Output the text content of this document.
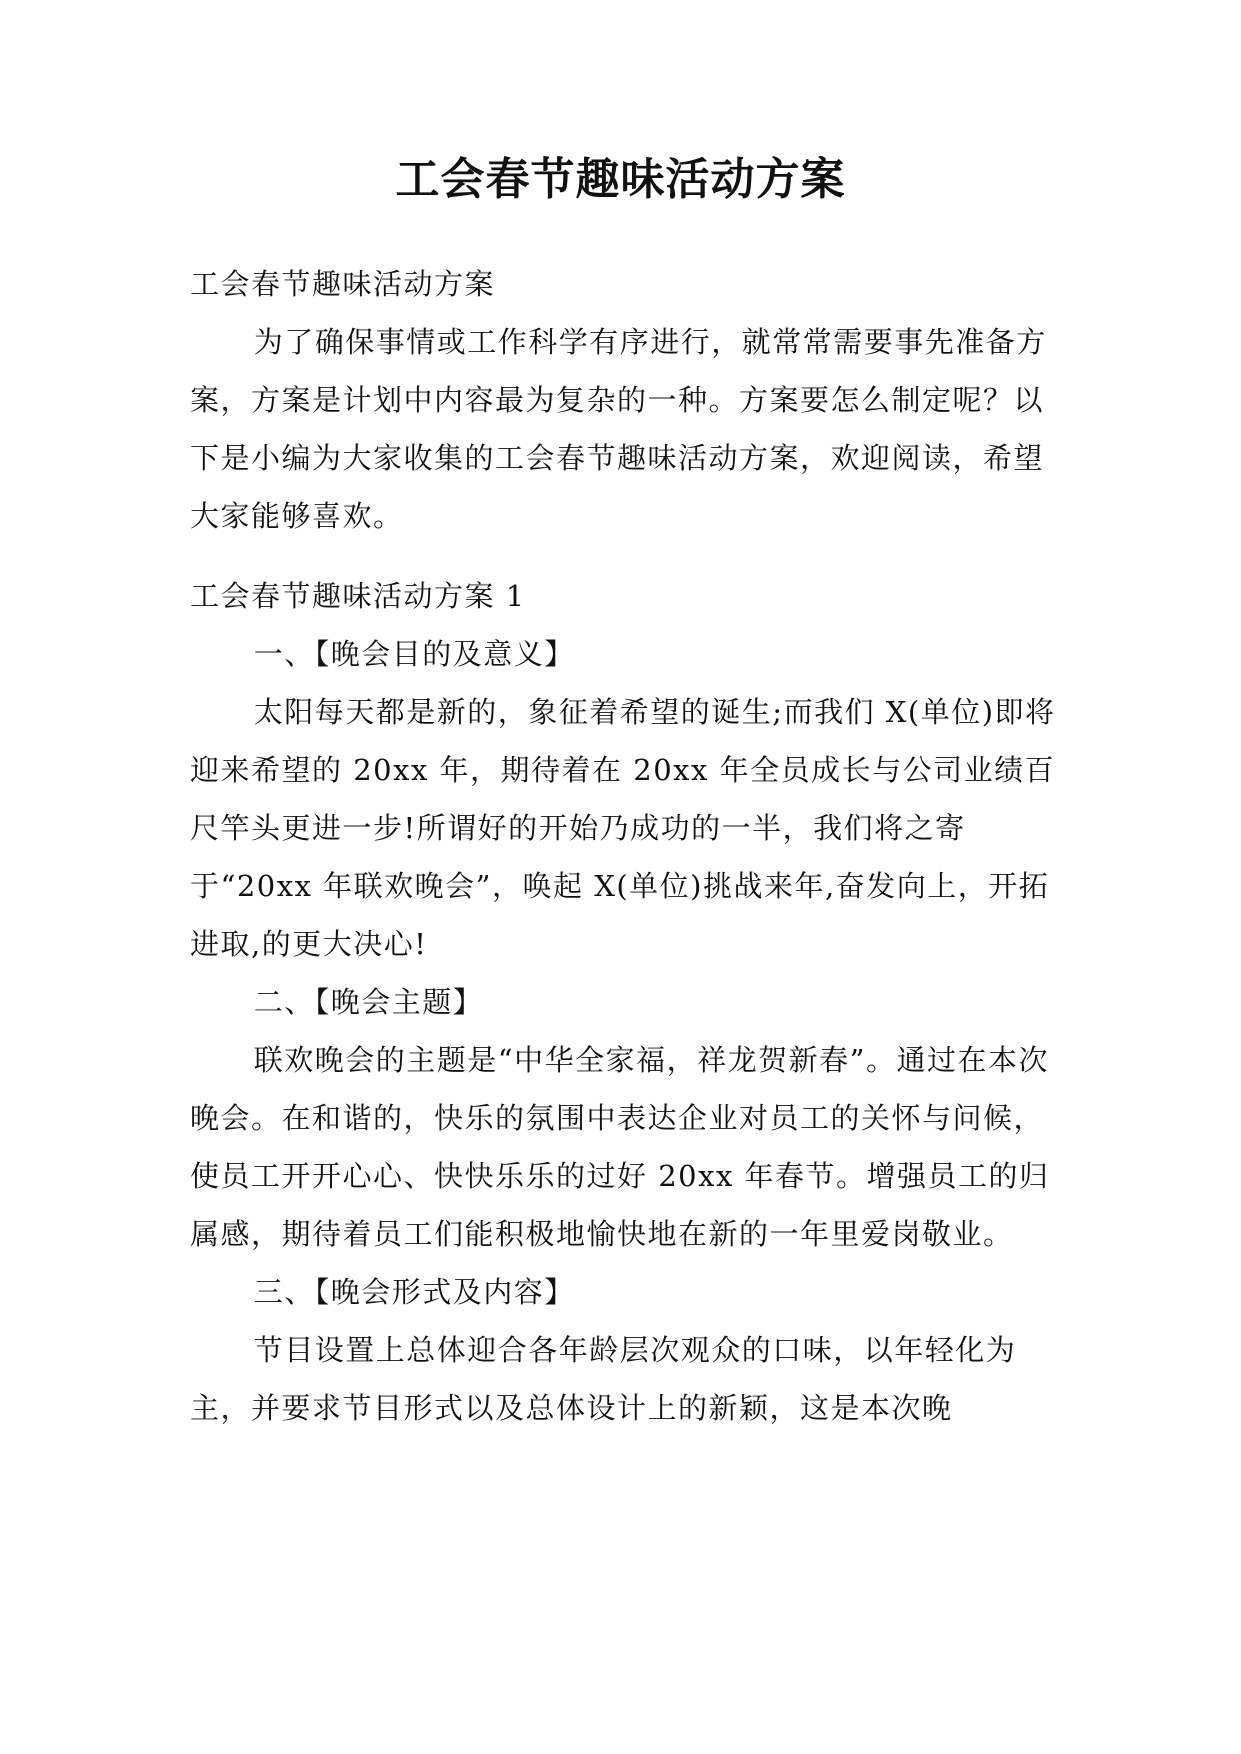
工会春节趣味活动方案

工会春节趣味活动方案

为了确保事情或工作科学有序进行，就常常需要事先准备方案，方案是计划中内容最为复杂的一种。方案要怎么制定呢？以下是小编为大家收集的工会春节趣味活动方案，欢迎阅读，希望大家能够喜欢。

工会春节趣味活动方案 1

一、【晚会目的及意义】

太阳每天都是新的，象征着希望的诞生;而我们 X(单位)即将迎来希望的 20xx 年，期待着在 20xx 年全员成长与公司业绩百尺竿头更进一步!所谓好的开始乃成功的一半，我们将之寄于“20xx 年联欢晚会”，唤起 X(单位)挑战来年,奋发向上，开拓进取,的更大决心!

二、【晚会主题】

联欢晚会的主题是“中华全家福，祥龙贺新春”。通过在本次晚会。在和谐的，快乐的氛围中表达企业对员工的关怀与问候，使员工开开心心、快快乐乐的过好 20xx 年春节。增强员工的归属感，期待着员工们能积极地愉快地在新的一年里爱岗敬业。

三、【晚会形式及内容】

节目设置上总体迎合各年龄层次观众的口味，以年轻化为主，并要求节目形式以及总体设计上的新颖，这是本次晚
